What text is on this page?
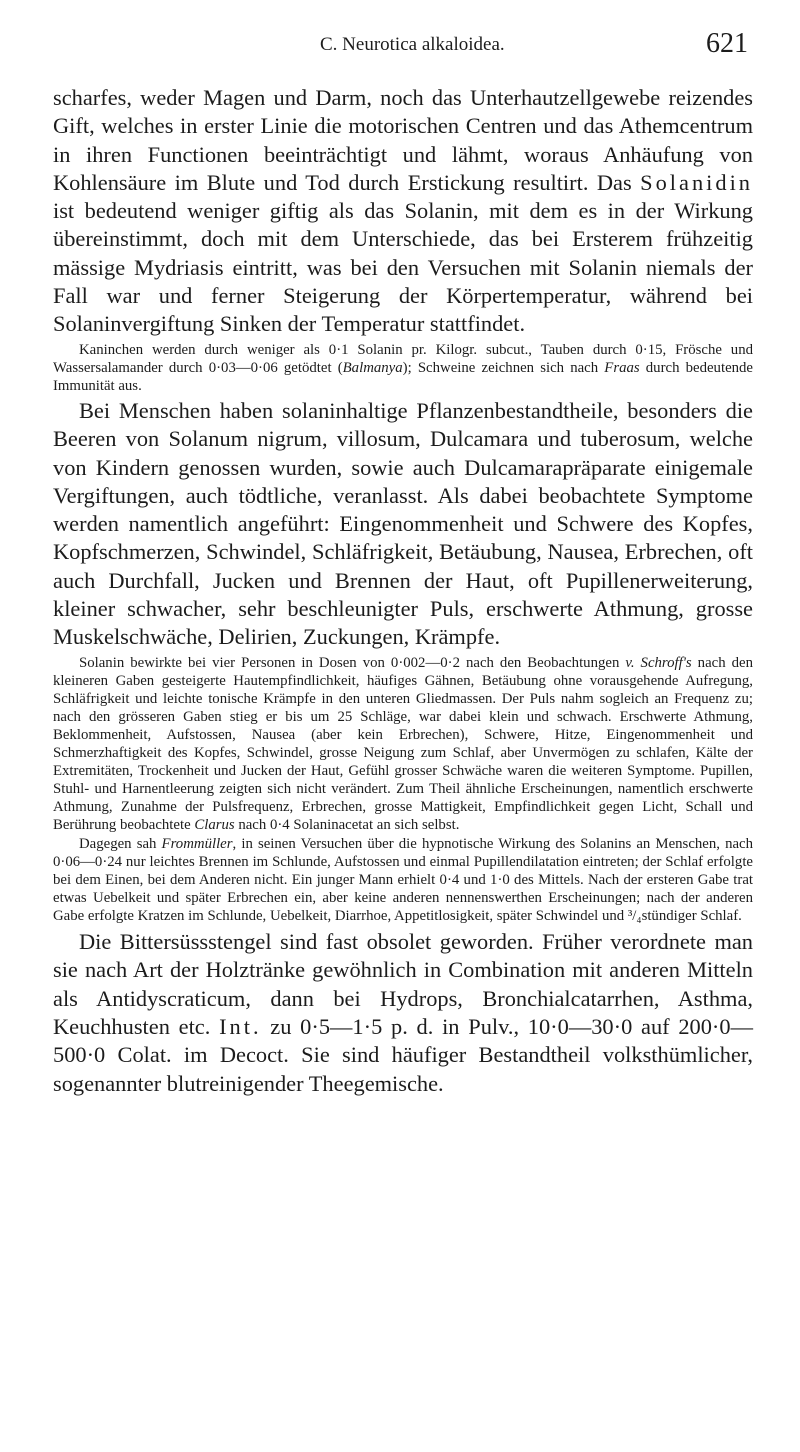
C. Neurotica alkaloidea.	621

scharfes, weder Magen und Darm, noch das Unterhautzellgewebe reizendes Gift, welches in erster Linie die motorischen Centren und das Athemcentrum in ihren Functionen beeinträchtigt und lähmt, woraus Anhäufung von Kohlensäure im Blute und Tod durch Erstickung resultirt. Das Solanidin ist bedeutend weniger giftig als das Solanin, mit dem es in der Wirkung übereinstimmt, doch mit dem Unterschiede, das bei Ersterem frühzeitig mässige Mydriasis eintritt, was bei den Versuchen mit Solanin niemals der Fall war und ferner Steigerung der Körpertemperatur, während bei Solaninvergiftung Sinken der Temperatur stattfindet.

Kaninchen werden durch weniger als 0·1 Solanin pr. Kilogr. subcut., Tauben durch 0·15, Frösche und Wassersalamander durch 0·03—0·06 getödtet (Balmanya); Schweine zeichnen sich nach Fraas durch bedeutende Immunität aus.

Bei Menschen haben solaninhaltige Pflanzenbestandtheile, besonders die Beeren von Solanum nigrum, villosum, Dulcamara und tuberosum, welche von Kindern genossen wurden, sowie auch Dulcamarapräparate einigemale Vergiftungen, auch tödtliche, veranlasst. Als dabei beobachtete Symptome werden namentlich angeführt: Eingenommenheit und Schwere des Kopfes, Kopfschmerzen, Schwindel, Schläfrigkeit, Betäubung, Nausea, Erbrechen, oft auch Durchfall, Jucken und Brennen der Haut, oft Pupillenerweiterung, kleiner schwacher, sehr beschleunigter Puls, erschwerte Athmung, grosse Muskelschwäche, Delirien, Zuckungen, Krämpfe.

Solanin bewirkte bei vier Personen in Dosen von 0·002—0·2 nach den Beobachtungen v. Schroff's nach den kleineren Gaben gesteigerte Hautempfindlichkeit, häufiges Gähnen, Betäubung ohne vorausgehende Aufregung, Schläfrigkeit und leichte tonische Krämpfe in den unteren Gliedmassen. Der Puls nahm sogleich an Frequenz zu; nach den grösseren Gaben stieg er bis um 25 Schläge, war dabei klein und schwach. Erschwerte Athmung, Beklommenheit, Aufstossen, Nausea (aber kein Erbrechen), Schwere, Hitze, Eingenommenheit und Schmerzhaftigkeit des Kopfes, Schwindel, grosse Neigung zum Schlaf, aber Unvermögen zu schlafen, Kälte der Extremitäten, Trockenheit und Jucken der Haut, Gefühl grosser Schwäche waren die weiteren Symptome. Pupillen, Stuhl- und Harnentleerung zeigten sich nicht verändert. Zum Theil ähnliche Erscheinungen, namentlich erschwerte Athmung, Zunahme der Pulsfrequenz, Erbrechen, grosse Mattigkeit, Empfindlichkeit gegen Licht, Schall und Berührung beobachtete Clarus nach 0·4 Solaninacetat an sich selbst.

Dagegen sah Frommüller, in seinen Versuchen über die hypnotische Wirkung des Solanins an Menschen, nach 0·06—0·24 nur leichtes Brennen im Schlunde, Aufstossen und einmal Pupillendilatation eintreten; der Schlaf erfolgte bei dem Einen, bei dem Anderen nicht. Ein junger Mann erhielt 0·4 und 1·0 des Mittels. Nach der ersteren Gabe trat etwas Uebelkeit und später Erbrechen ein, aber keine anderen nennenswerthen Erscheinungen; nach der anderen Gabe erfolgte Kratzen im Schlunde, Uebelkeit, Diarrhoe, Appetitlosigkeit, später Schwindel und ³/₄stündiger Schlaf.

Die Bittersüssstengel sind fast obsolet geworden. Früher verordnete man sie nach Art der Holztränke gewöhnlich in Combination mit anderen Mitteln als Antidyscraticum, dann bei Hydrops, Bronchialcatarrhen, Asthma, Keuchhusten etc. Int. zu 0·5—1·5 p. d. in Pulv., 10·0—30·0 auf 200·0—500·0 Colat. im Decoct. Sie sind häufiger Bestandtheil volksthümlicher, sogenannter blutreinigender Theegemische.
